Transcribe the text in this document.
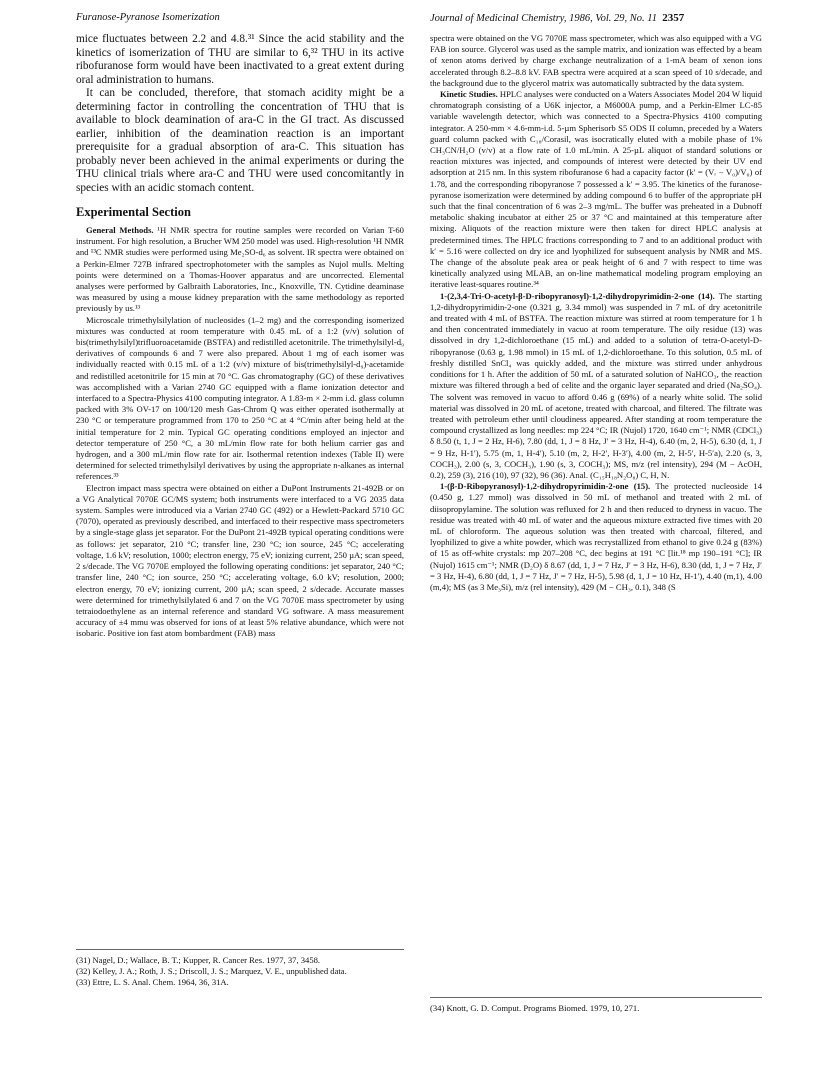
Furanose-Pyranose Isomerization	Journal of Medicinal Chemistry, 1986, Vol. 29, No. 11 2357

mice fluctuates between 2.2 and 4.8.³¹ Since the acid stability and the kinetics of isomerization of THU are similar to 6,³² THU in its active ribofuranose form would have been inactivated to a great extent during oral administration to humans.

It can be concluded, therefore, that stomach acidity might be a determining factor in controlling the concentration of THU that is available to block deamination of ara-C in the GI tract. As discussed earlier, inhibition of the deamination reaction is an important prerequisite for a gradual absorption of ara-C. This situation has probably never been achieved in the animal experiments or during the THU clinical trials where ara-C and THU were used concomitantly in species with an acidic stomach content.

Experimental Section

General Methods. ¹H NMR spectra for routine samples were recorded on Varian T-60 instrument. For high resolution, a Brucher WM 250 model was used. High-resolution ¹H NMR and ¹³C NMR studies were performed using Me₂SO-d₆ as solvent. IR spectra were obtained on a Perkin-Elmer 727B infrared spectrophotometer with the samples as Nujol mulls. Melting points were determined on a Thomas-Hoover apparatus and are uncorrected. Elemental analyses were performed by Galbraith Laboratories, Inc., Knoxville, TN. Cytidine deaminase was measured by using a mouse kidney preparation with the same methodology as reported previously by us.¹³

Microscale trimethylsilylation of nucleosides (1–2 mg) and the corresponding isomerized mixtures was conducted at room temperature with 0.45 mL of a 1:2 (v/v) solution of bis(trimethylsilyl)trifluoroacetamide (BSTFA) and redistilled acetonitrile. The trimethylsilyl-d₉ derivatives of compounds 6 and 7 were also prepared. About 1 mg of each isomer was individually reacted with 0.15 mL of a 1:2 (v/v) mixture of bis(trimethylsilyl-d₉)-acetamide and redistilled acetonitrile for 15 min at 70 °C. Gas chromatography (GC) of these derivatives was accomplished with a Varian 2740 GC equipped with a flame ionization detector and interfaced to a Spectra-Physics 4100 computing integrator. A 1.83-m × 2-mm i.d. glass column packed with 3% OV-17 on 100/120 mesh Gas-Chrom Q was either operated isothermally at 230 °C or temperature programmed from 170 to 250 °C at 4 °C/min after being held at the initial temperature for 2 min. Typical GC operating conditions employed an injector and detector temperature of 250 °C, a 30 mL/min flow rate for both helium carrier gas and hydrogen, and a 300 mL/min flow rate for air. Isothermal retention indexes (Table II) were determined for selected trimethylsilyl derivatives by using the appropriate n-alkanes as internal references.³³

Electron impact mass spectra were obtained on either a DuPont Instruments 21-492B or on a VG Analytical 7070E GC/MS system; both instruments were interfaced to a VG 2035 data system. Samples were introduced via a Varian 2740 GC (492) or a Hewlett-Packard 5710 GC (7070), operated as previously described, and interfaced to their respective mass spectrometers by a single-stage glass jet separator. For the DuPont 21-492B typical operating conditions were as follows: jet separator, 210 °C; transfer line, 230 °C; ion source, 245 °C; accelerating voltage, 1.6 kV; resolution, 1000; electron energy, 75 eV; ionizing current, 250 µA; scan speed, 2 s/decade. The VG 7070E employed the following operating conditions: jet separator, 240 °C; transfer line, 240 °C; ion source, 250 °C; accelerating voltage, 6.0 kV; resolution, 2000; electron energy, 70 eV; ionizing current, 200 µA; scan speed, 2 s/decade. Accurate masses were determined for trimethylsilylated 6 and 7 on the VG 7070E mass spectrometer by using tetraiodoethylene as an internal reference and standard VG software. A mass measurement accuracy of ±4 mmu was observed for ions of at least 5% relative abundance, which were not isobaric. Positive ion fast atom bombardment (FAB) mass

(31) Nagel, D.; Wallace, B. T.; Kupper, R. Cancer Res. 1977, 37, 3458.

(32) Kelley, J. A.; Roth, J. S.; Driscoll, J. S.; Marquez, V. E., unpublished data.

(33) Ettre, L. S. Anal. Chem. 1964, 36, 31A.

spectra were obtained on the VG 7070E mass spectrometer, which was also equipped with a VG FAB ion source. Glycerol was used as the sample matrix, and ionization was effected by a beam of xenon atoms derived by charge exchange neutralization of a 1-mA beam of xenon ions accelerated through 8.2–8.8 kV. FAB spectra were acquired at a scan speed of 10 s/decade, and the background due to the glycerol matrix was automatically subtracted by the data system.

Kinetic Studies. HPLC analyses were conducted on a Waters Associates Model 204 W liquid chromatograph consisting of a U6K injector, a M6000A pump, and a Perkin-Elmer LC-85 variable wavelength detector, which was connected to a Spectra-Physics 4100 computing integrator. A 250-mm × 4.6-mm-i.d. 5-µm Spherisorb S5 ODS II column, preceded by a Waters guard column packed with C₁₈/Corasil, was isocratically eluted with a mobile phase of 1% CH₃CN/H₂O (v/v) at a flow rate of 1.0 mL/min. A 25-µL aliquot of standard solutions or reaction mixtures was injected, and compounds of interest were detected by their UV end adsorption at 215 nm. In this system ribofuranose 6 had a capacity factor (k′ = (Vᵣ − V₀)/V₀) of 1.78, and the corresponding ribopyranose 7 possessed a k′ = 3.95. The kinetics of the furanose-pyranose isomerization were determined by adding compound 6 to buffer of the appropriate pH such that the final concentration of 6 was 2–3 mg/mL. The buffer was preheated in a Dubnoff metabolic shaking incubator at either 25 or 37 °C and maintained at this temperature after mixing. Aliquots of the reaction mixture were then taken for direct HPLC analysis at predetermined times. The HPLC fractions corresponding to 7 and to an additional product with k′ = 5.16 were collected on dry ice and lyophilized for subsequent analysis by NMR and MS. The change of the absolute peak area or peak height of 6 and 7 with respect to time was kinetically analyzed using MLAB, an on-line mathematical modeling program employing an iterative least-squares routine.³⁴

1-(2,3,4-Tri-O-acetyl-β-D-ribopyranosyl)-1,2-dihydropyrimidin-2-one (14). The starting 1,2-dihydropyrimidin-2-one (0.321 g, 3.34 mmol) was suspended in 7 mL of dry acetonitrile and treated with 4 mL of BSTFA. The reaction mixture was stirred at room temperature for 1 h and then concentrated immediately in vacuo at room temperature. The oily residue (13) was dissolved in dry 1,2-dichloroethane (15 mL) and added to a solution of tetra-O-acetyl-D-ribopyranose (0.63 g, 1.98 mmol) in 15 mL of 1,2-dichloroethane. To this solution, 0.5 mL of freshly distilled SnCl₄ was quickly added, and the mixture was stirred under anhydrous conditions for 1 h. After the addition of 50 mL of a saturated solution of NaHCO₃, the reaction mixture was filtered through a bed of celite and the organic layer separated and dried (Na₂SO₄). The solvent was removed in vacuo to afford 0.46 g (69%) of a nearly white solid. The solid material was dissolved in 20 mL of acetone, treated with charcoal, and filtered. The filtrate was treated with petroleum ether until cloudiness appeared. After standing at room temperature the compound crystallized as long needles: mp 224 °C; IR (Nujol) 1720, 1640 cm⁻¹; NMR (CDCl₃) δ 8.50 (t, 1, J = 2 Hz, H-6), 7.80 (dd, 1, J = 8 Hz, J′ = 3 Hz, H-4), 6.40 (m, 2, H-5), 6.30 (d, 1, J = 9 Hz, H-1′), 5.75 (m, 1, H-4′), 5.10 (m, 2, H-2′, H-3′), 4.00 (m, 2, H-5′, H-5′a), 2.20 (s, 3, COCH₃), 2.00 (s, 3, COCH₃), 1.90 (s, 3, COCH₃); MS, m/z (rel intensity), 294 (M − AcOH, 0.2), 259 (3), 216 (10), 97 (32), 96 (36). Anal. (C₁₅H₁₈N₂O₈) C, H, N.

1-(β-D-Ribopyranosyl)-1,2-dihydropyrimidin-2-one (15). The protected nucleoside 14 (0.450 g, 1.27 mmol) was dissolved in 50 mL of methanol and treated with 2 mL of diisopropylamine. The solution was refluxed for 2 h and then reduced to dryness in vacuo. The residue was treated with 40 mL of water and the aqueous mixture extracted five times with 20 mL of chloroform. The aqueous solution was then treated with charcoal, filtered, and lyophilized to give a white powder, which was recrystallized from ethanol to give 0.24 g (83%) of 15 as off-white crystals: mp 207–208 °C, dec begins at 191 °C [lit.¹⁸ mp 190–191 °C]; IR (Nujol) 1615 cm⁻¹; NMR (D₂O) δ 8.67 (dd, 1, J = 7 Hz, J′ = 3 Hz, H-6), 8.30 (dd, 1, J = 7 Hz, J′ = 3 Hz, H-4), 6.80 (dd, 1, J = 7 Hz, J′ = 7 Hz, H-5), 5.98 (d, 1, J = 10 Hz, H-1′), 4.40 (m,1), 4.00 (m,4); MS (as 3 Me₃Si), m/z (rel intensity), 429 (M − CH₃, 0.1), 348 (S

(34) Knott, G. D. Comput. Programs Biomed. 1979, 10, 271.
